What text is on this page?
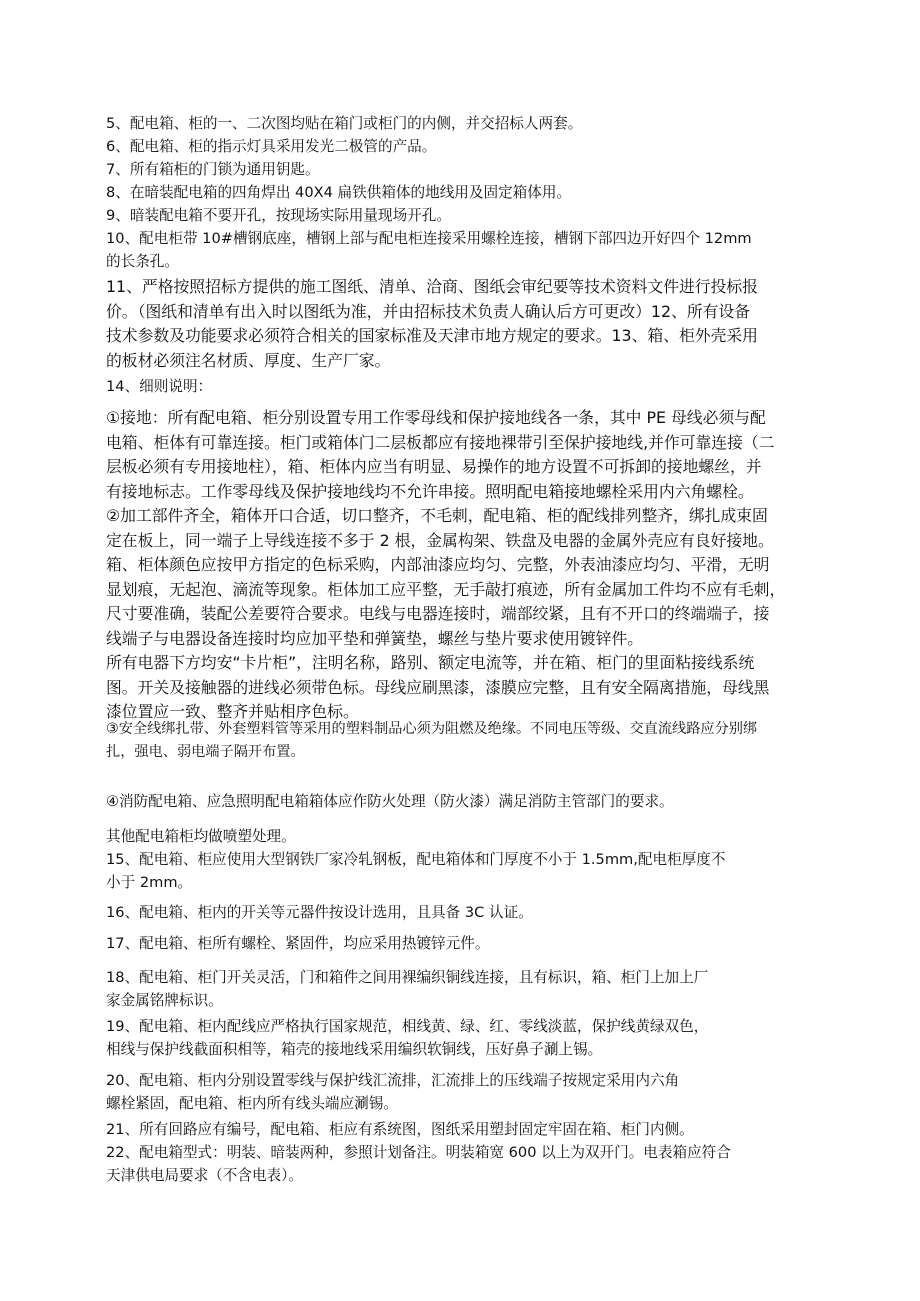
5、配电箱、柜的一、二次图均贴在箱门或柜门的内侧，并交招标人两套。
6、配电箱、柜的指示灯具采用发光二极管的产品。
7、所有箱柜的门锁为通用钥匙。
8、在暗装配电箱的四角焊出 40X4 扁铁供箱体的地线用及固定箱体用。
9、暗装配电箱不要开孔，按现场实际用量现场开孔。
10、配电柜带 10#槽钢底座，槽钢上部与配电柜连接采用螺栓连接，槽钢下部四边开好四个 12mm
的长条孔。
11、严格按照招标方提供的施工图纸、清单、洽商、图纸会审纪要等技术资料文件进行投标报
价。（图纸和清单有出入时以图纸为准，并由招标技术负责人确认后方可更改）12、所有设备
技术参数及功能要求必须符合相关的国家标准及天津市地方规定的要求。13、箱、柜外壳采用
的板材必须注名材质、厚度、生产厂家。
14、细则说明：
①接地：所有配电箱、柜分别设置专用工作零母线和保护接地线各一条，其中 PE 母线必须与配
电箱、柜体有可靠连接。柜门或箱体门二层板都应有接地裸带引至保护接地线,并作可靠连接（二
层板必须有专用接地柱），箱、柜体内应当有明显、易操作的地方设置不可拆卸的接地螺丝，并
有接地标志。工作零母线及保护接地线均不允许串接。照明配电箱接地螺栓采用内六角螺栓。
②加工部件齐全，箱体开口合适，切口整齐，不毛刺，配电箱、柜的配线排列整齐，绑扎成束固
定在板上，同一端子上导线连接不多于 2 根，金属构架、铁盘及电器的金属外壳应有良好接地。
箱、柜体颜色应按甲方指定的色标采购，内部油漆应均匀、完整，外表油漆应均匀、平滑，无明
显划痕，无起泡、滴流等现象。柜体加工应平整，无手敲打痕迹，所有金属加工件均不应有毛刺，
尺寸要准确，装配公差要符合要求。电线与电器连接时，端部绞紧，且有不开口的终端端子，接
线端子与电器设备连接时均应加平垫和弹簧垫，螺丝与垫片要求使用镀锌件。
所有电器下方均安“卡片柜”，注明名称，路别、额定电流等，并在箱、柜门的里面粘接线系统
图。开关及接触器的进线必须带色标。母线应刷黑漆，漆膜应完整，且有安全隔离措施，母线黑
漆位置应一致、整齐并贴相序色标。
③安全线绑扎带、外套塑料管等采用的塑料制品心须为阻燃及绝缘。不同电压等级、交直流线路应分别绑
扎，强电、弱电端子隔开布置。
④消防配电箱、应急照明配电箱箱体应作防火处理（防火漆）满足消防主管部门的要求。
其他配电箱柜均做喷塑处理。
15、配电箱、柜应使用大型钢铁厂家冷轧钢板，配电箱体和门厚度不小于 1.5mm,配电柜厚度不
小于 2mm。
16、配电箱、柜内的开关等元器件按设计选用，且具备 3C 认证。
17、配电箱、柜所有螺栓、紧固件，均应采用热镀锌元件。
18、配电箱、柜门开关灵活，门和箱件之间用裸编织铜线连接，且有标识，箱、柜门上加上厂
家金属铭牌标识。
19、配电箱、柜内配线应严格执行国家规范，相线黄、绿、红、零线淡蓝，保护线黄绿双色，
相线与保护线截面积相等，箱壳的接地线采用编织软铜线，压好鼻子涮上锡。
20、配电箱、柜内分别设置零线与保护线汇流排，汇流排上的压线端子按规定采用内六角
螺栓紧固，配电箱、柜内所有线头端应涮锡。
21、所有回路应有编号，配电箱、柜应有系统图，图纸采用塑封固定牢固在箱、柜门内侧。
22、配电箱型式：明装、暗装两种，参照计划备注。明装箱宽 600 以上为双开门。电表箱应符合
天津供电局要求（不含电表）。
